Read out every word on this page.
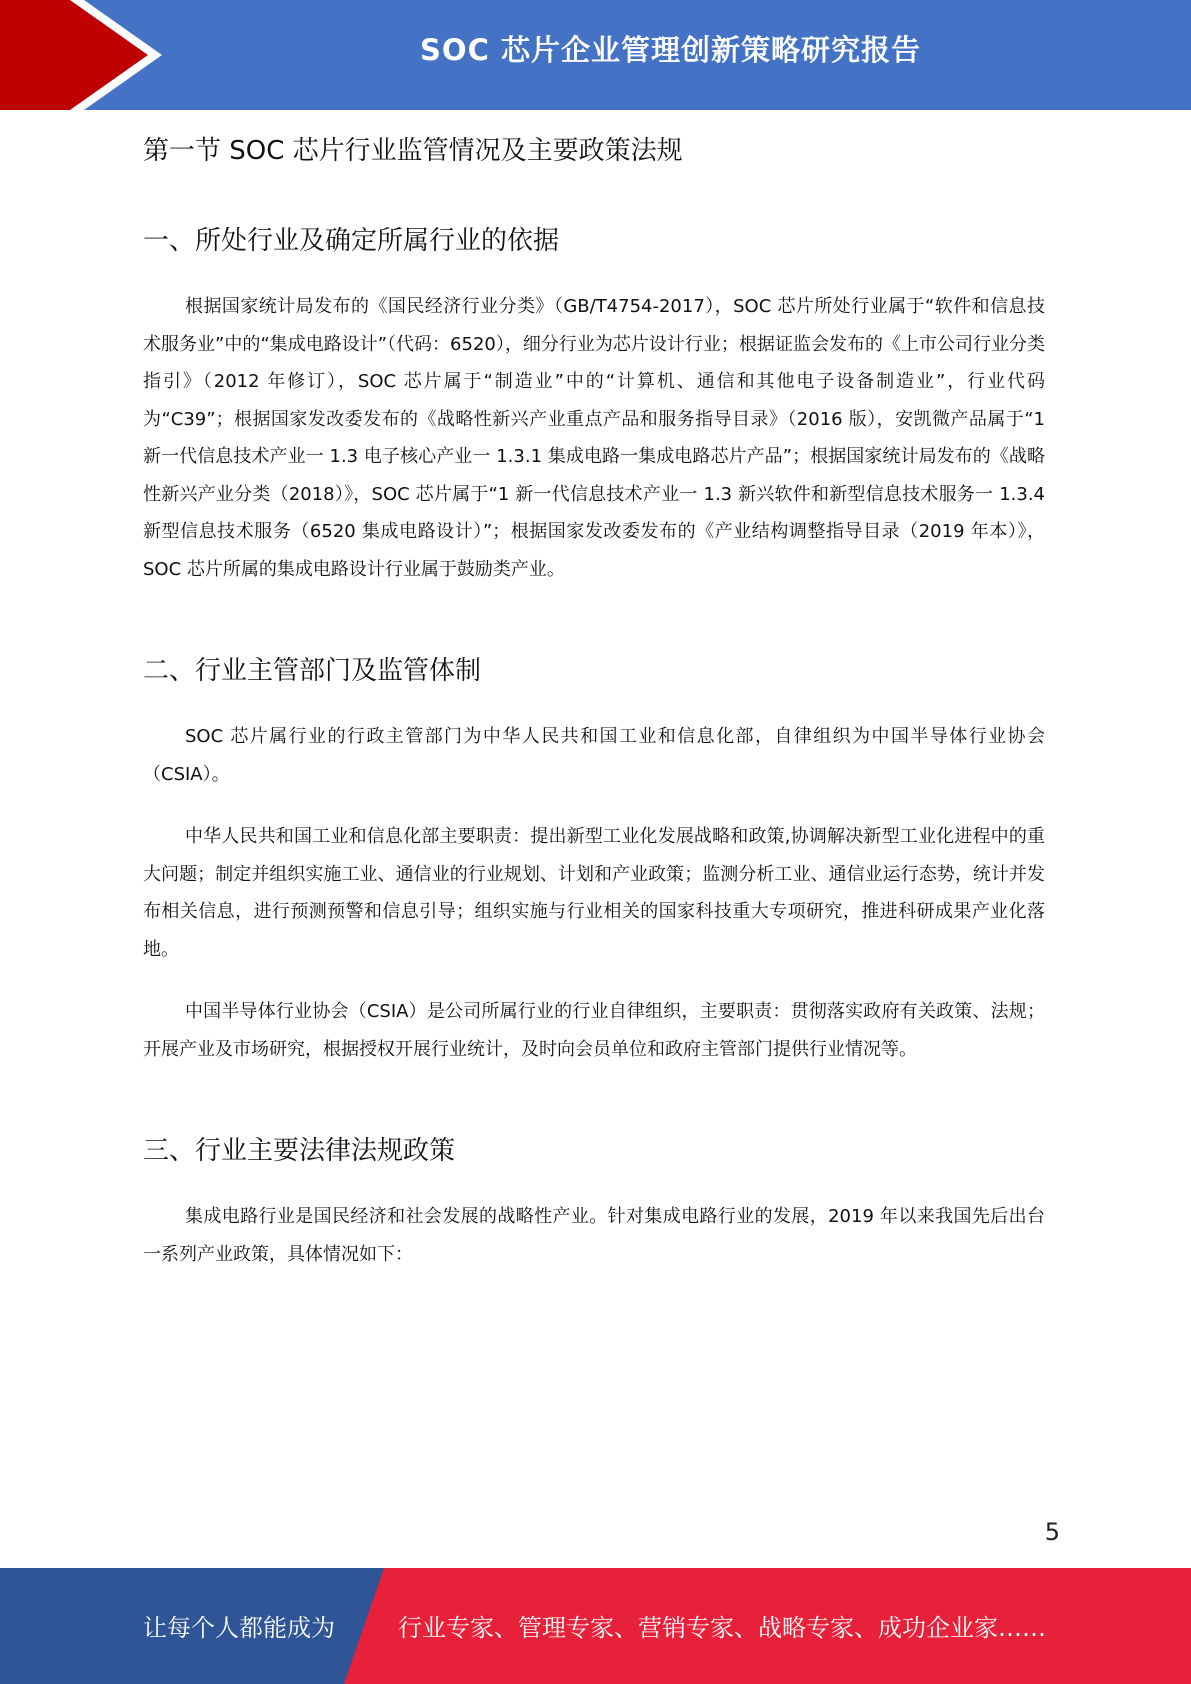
SOC 芯片企业管理创新策略研究报告
第一节 SOC 芯片行业监管情况及主要政策法规
一、所处行业及确定所属行业的依据
根据国家统计局发布的《国民经济行业分类》（GB/T4754-2017），SOC 芯片所处行业属于“软件和信息技术服务业”中的“集成电路设计”（代码：6520），细分行业为芯片设计行业；根据证监会发布的《上市公司行业分类指引》（2012 年修订），SOC 芯片属于“制造业”中的“计算机、通信和其他电子设备制造业”，行业代码为“C39”；根据国家发改委发布的《战略性新兴产业重点产品和服务指导目录》（2016 版），安凯微产品属于“1 新一代信息技术产业一 1.3 电子核心产业一 1.3.1 集成电路一集成电路芯片产品”；根据国家统计局发布的《战略性新兴产业分类（2018）》，SOC 芯片属于“1 新一代信息技术产业一 1.3 新兴软件和新型信息技术服务一 1.3.4 新型信息技术服务（6520 集成电路设计）”；根据国家发改委发布的《产业结构调整指导目录（2019 年本）》，SOC 芯片所属的集成电路设计行业属于鼓励类产业。
二、行业主管部门及监管体制
SOC 芯片属行业的行政主管部门为中华人民共和国工业和信息化部，自律组织为中国半导体行业协会（CSIA）。
中华人民共和国工业和信息化部主要职责：提出新型工业化发展战略和政策,协调解决新型工业化进程中的重大问题；制定并组织实施工业、通信业的行业规划、计划和产业政策；监测分析工业、通信业运行态势，统计并发布相关信息，进行预测预警和信息引导；组织实施与行业相关的国家科技重大专项研究，推进科研成果产业化落地。
中国半导体行业协会（CSIA）是公司所属行业的行业自律组织，主要职责：贯彻落实政府有关政策、法规；开展产业及市场研究，根据授权开展行业统计，及时向会员单位和政府主管部门提供行业情况等。
三、行业主要法律法规政策
集成电路行业是国民经济和社会发展的战略性产业。针对集成电路行业的发展，2019 年以来我国先后出台一系列产业政策，具体情况如下：
5
让每个人都能成为	行业专家、管理专家、营销专家、战略专家、成功企业家……
